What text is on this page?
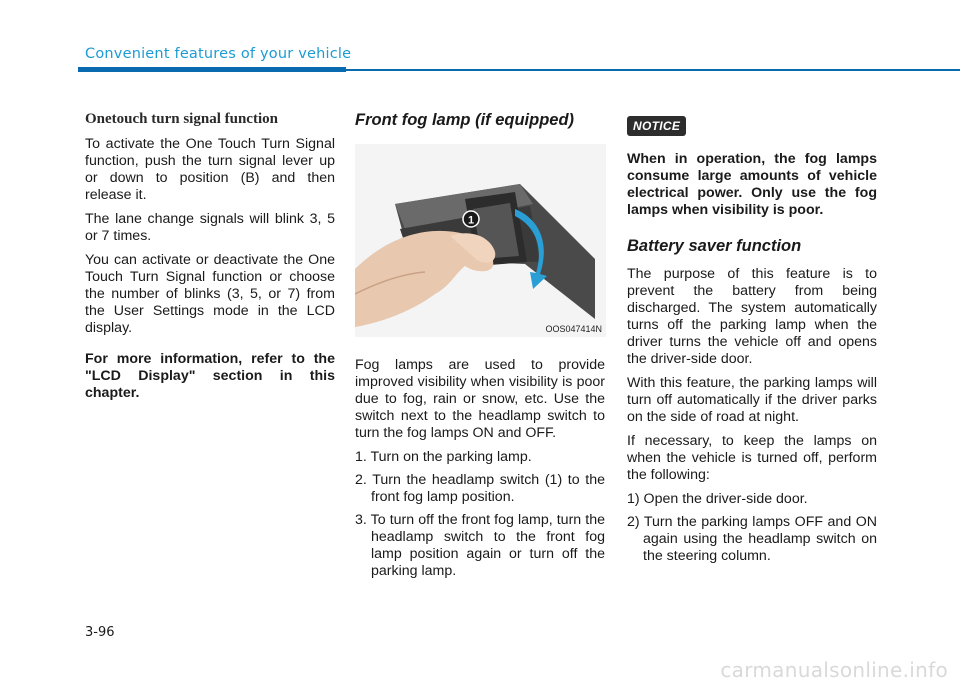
Convenient features of your vehicle
Onetouch turn signal function

To activate the One Touch Turn Signal function, push the turn signal lever up or down to position (B) and then release it.

The lane change signals will blink 3, 5 or 7 times.

You can activate or deactivate the One Touch Turn Signal function or choose the number of blinks (3, 5, or 7) from the User Settings mode in the LCD display.

For more information, refer to the "LCD Display" section in this chapter.

Front fog lamp (if equipped)
1
OOS047414N

Fog lamps are used to provide improved visibility when visibility is poor due to fog, rain or snow, etc. Use the switch next to the headlamp switch to turn the fog lamps ON and OFF.

1. Turn on the parking lamp.
2. Turn the headlamp switch (1) to the front fog lamp position.
3. To turn off the front fog lamp, turn the headlamp switch to the front fog lamp position again or turn off the parking lamp.
NOTICE

When in operation, the fog lamps consume large amounts of vehicle electrical power. Only use the fog lamps when visibility is poor.

Battery saver function

The purpose of this feature is to prevent the battery from being discharged. The system automatically turns off the parking lamp when the driver turns the vehicle off and opens the driver-side door.

With this feature, the parking lamps will turn off automatically if the driver parks on the side of road at night.

If necessary, to keep the lamps on when the vehicle is turned off, perform the following:

1) Open the driver-side door.
2) Turn the parking lamps OFF and ON again using the headlamp switch on the steering column.
3-96
carmanualsonline.info
